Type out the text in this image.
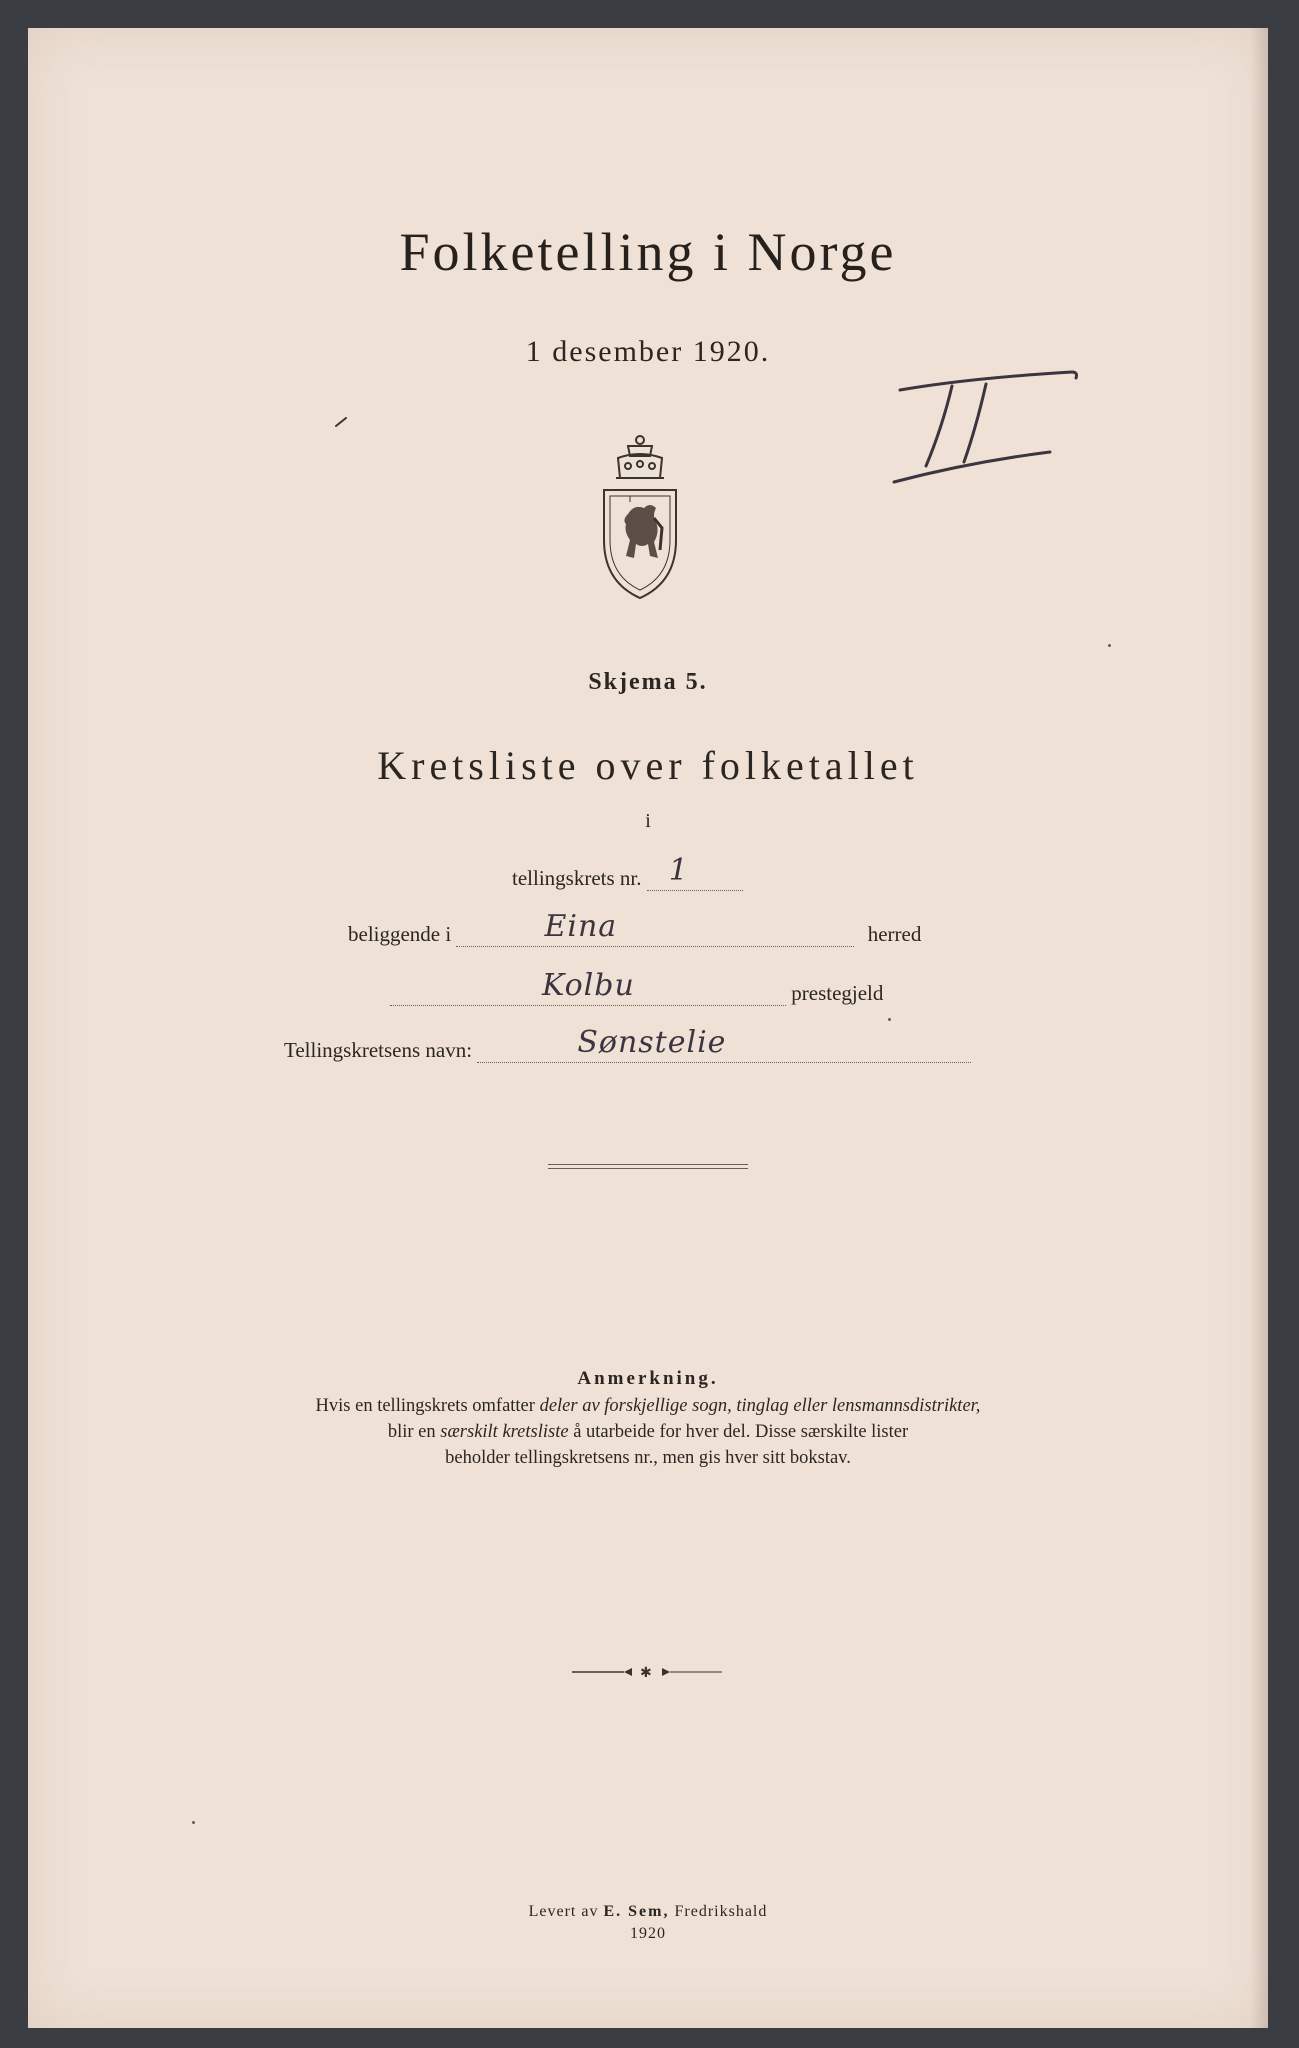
Folketelling i Norge
1 desember 1920.	II
Skjema 5.
Kretsliste over folketallet
i
tellingskrets nr. 1
beliggende i	Eina	herred
Kolbu	prestegjeld
Tellingskretsens navn:	Sønstelie
Anmerkning.
Hvis en tellingskrets omfatter deler av forskjellige sogn, tinglag eller lensmannsdistrikter,
blir en særskilt kretsliste å utarbeide for hver del. Disse særskilte lister
beholder tellingskretsens nr., men gis hver sitt bokstav.
✱
Levert av E. Sem, Fredrikshald
1920
